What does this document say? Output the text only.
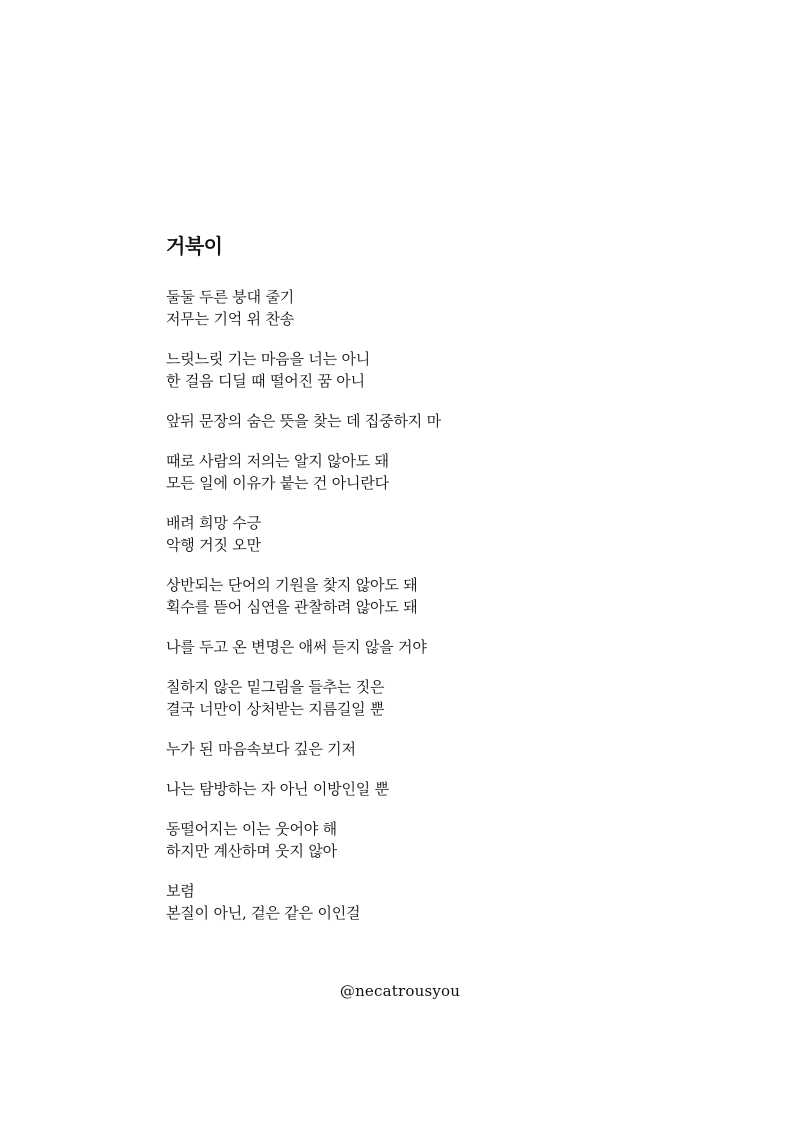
거북이
둘둘 두른 붕대 줄기
저무는 기억 위 찬송
느릿느릿 기는 마음을 너는 아니
한 걸음 디딜 때 떨어진 꿈 아니
앞뒤 문장의 숨은 뜻을 찾는 데 집중하지 마
때로 사람의 저의는 알지 않아도 돼
모든 일에 이유가 붙는 건 아니란다
배려 희망 수긍
악행 거짓 오만
상반되는 단어의 기원을 찾지 않아도 돼
획수를 뜯어 심연을 관찰하려 않아도 돼
나를 두고 온 변명은 애써 듣지 않을 거야
칠하지 않은 밑그림을 들추는 짓은
결국 너만이 상처받는 지름길일 뿐
누가 된 마음속보다 깊은 기저
나는 탐방하는 자 아닌 이방인일 뿐
동떨어지는 이는 웃어야 해
하지만 계산하며 웃지 않아
보렴
본질이 아닌, 겉은 같은 이인걸
@necatrousyou
